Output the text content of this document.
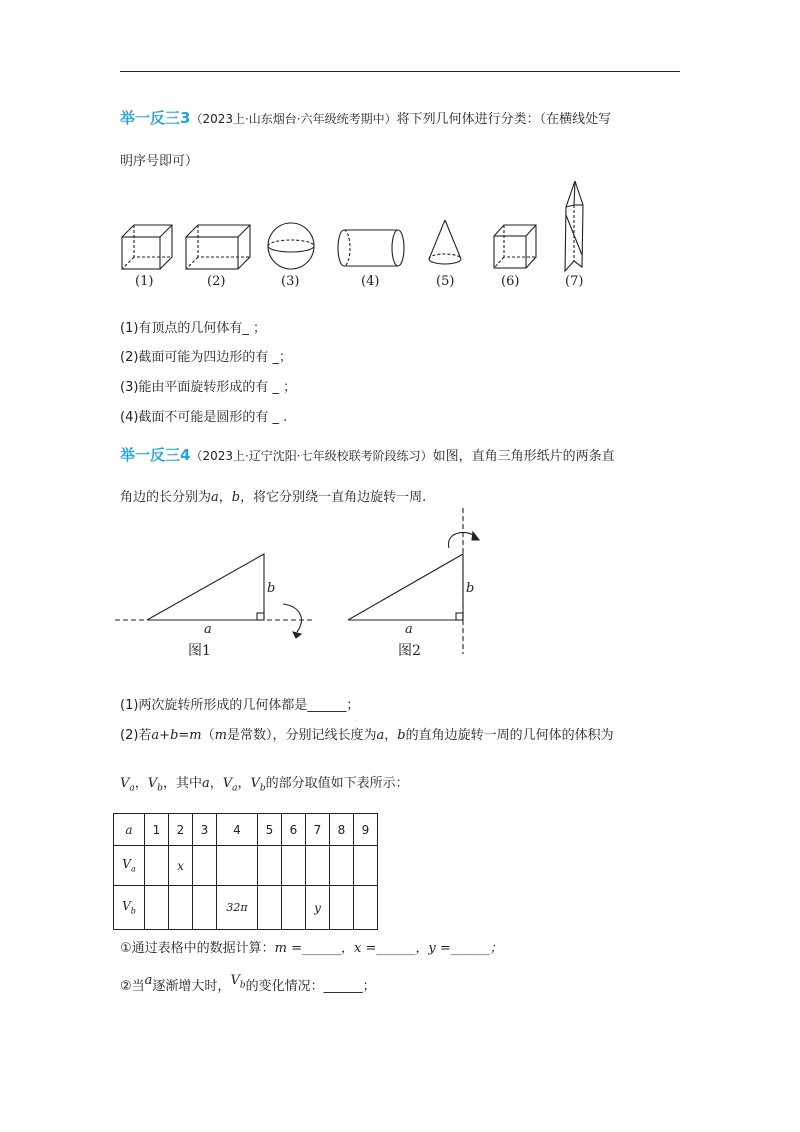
举一反三3（2023上·山东烟台·六年级统考期中）将下列几何体进行分类：（在横线处写
明序号即可）
(1)	(2)	(3)	(4)	(5)	(6)	(7)
(1)有顶点的几何体有_ ；
(2)截面可能为四边形的有 _；
(3)能由平面旋转形成的有 _ ；
(4)截面不可能是圆形的有 _ .
举一反三4（2023上·辽宁沈阳·七年级校联考阶段练习）如图，直角三角形纸片的两条直
角边的长分别为a，b，将它分别绕一直角边旋转一周.
b
a
b
a
图1	图2
(1)两次旋转所形成的几何体都是______；
(2)若a+b=m（m是常数），分别记线长度为a，b的直角边旋转一周的几何体的体积为
$V_a$，$V_b$，其中a，$V_a$，$V_b$的部分取值如下表所示：
a	1	2	3	4	5	6	7	8	9
$V_a$		x							
$V_b$				32π			y		
①通过表格中的数据计算：m =______，x =______，y =______；
②当a逐渐增大时，$V_b$的变化情况：______；
